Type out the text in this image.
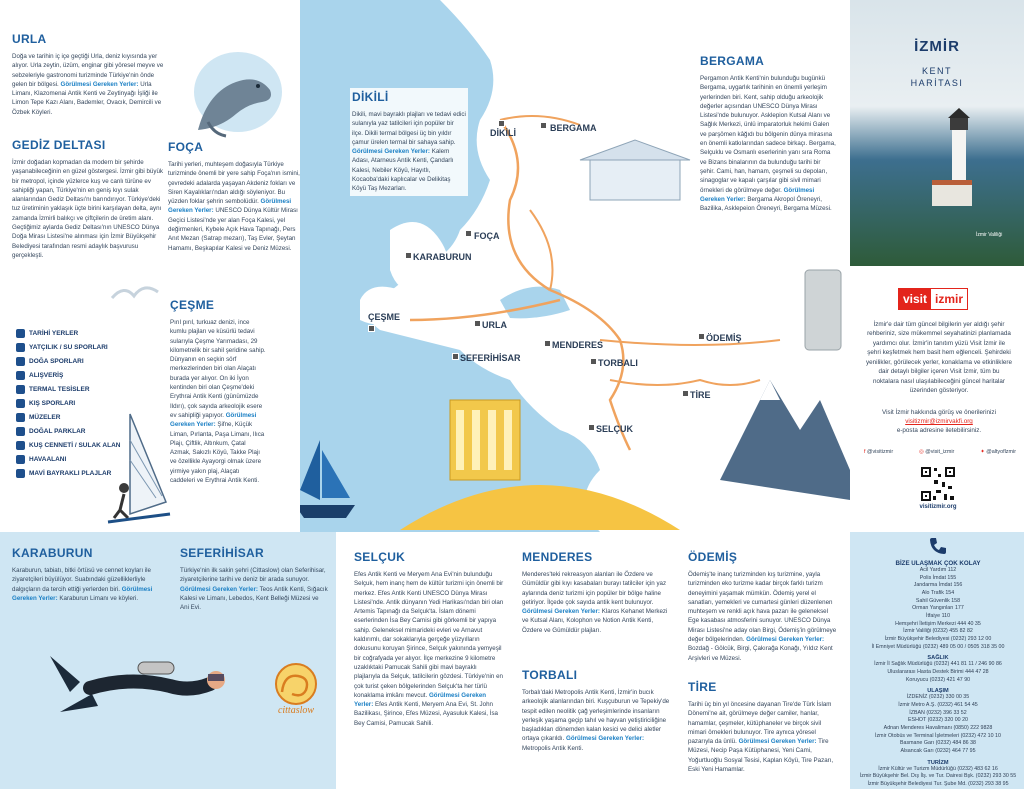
URLA

Doğa ve tarihin iç içe geçtiği Urla, deniz kıyısında yer alıyor. Urla zeytin, üzüm, enginar gibi yöresel meyve ve sebzeleriyle gastronomi turizminde Türkiye'nin önde gelen bir bölgesi. Görülmesi Gereken Yerler: Urla Limanı, Klazomenai Antik Kenti ve Zeytinyağı İşliği ile Limon Tepe Kazı Alanı, Bademler, Ovacık, Demircili ve Özbek Köyleri.

GEDİZ DELTASI

İzmir doğadan kopmadan da modern bir şehirde yaşanabileceğinin en güzel göstergesi. İzmir gibi büyük bir metropol, içinde yüzlerce kuş ve canlı türüne ev sahipliği yapan, Türkiye'nin en geniş kıyı sulak alanlarından Gediz Deltası'nı barındırıyor. Türkiye'deki tuz üretiminin yaklaşık üçte birini karşılayan delta, aynı zamanda İzmirli balıkçı ve çiftçilerin de üretim alanı. Geçtiğimiz aylarda Gediz Deltası'nın UNESCO Dünya Doğa Mirası Listesi'ne alınması için İzmir Büyükşehir Belediyesi tarafından resmi adaylık başvurusu gerçekleşti.

FOÇA

Tarihi yerleri, muhteşem doğasıyla Türkiye turizminde önemli bir yere sahip Foça'nın ismini, çevredeki adalarda yaşayan Akdeniz fokları ve Siren Kayalıkları'ndan aldığı söyleniyor. Bu yüzden foklar şehrin sembolüdür. Görülmesi Gereken Yerler: UNESCO Dünya Kültür Mirası Geçici Listesi'nde yer alan Foça Kalesi, yel değirmenleri, Kybele Açık Hava Tapınağı, Pers Anıt Mezarı (Satrap mezarı), Taş Evler, Şeytan Hamamı, Beşkapılar Kalesi ve Deniz Müzesi.

ÇEŞME

Pırıl pırıl, turkuaz denizi, ince kumlu plajları ve küsürlü tedavi sularıyla Çeşme Yarımadası, 29 kilometrelik bir sahil şeridine sahip. Dünyanın en seçkin sörf merkezlerinden biri olan Alaçatı burada yer alıyor. On iki İyon kentinden biri olan Çeşme'deki Erythrai Antik Kenti (günümüzde Ildırı), çok sayıda arkeolojik esere ev sahipliği yapıyor. Görülmesi Gereken Yerler: Şifne, Küçük Liman, Pırlanta, Paşa Limanı, Ilıca Plajı, Çiftlik, Altınkum, Çatal Azmak, Sakızlı Köyü, Takke Plajı ve özellikle Ayayorgi olmak üzere yirmiye yakın plaj, Alaçatı caddeleri ve Erythrai Antik Kenti.

TARİHİ YERLER
YATÇILIK / SU SPORLARI
DOĞA SPORLARI
ALIŞVERİŞ
TERMAL TESİSLER
KIŞ SPORLARI
MÜZELER
DOĞAL PARKLAR
KUŞ CENNETİ / SULAK ALAN
HAVAALANI
MAVİ BAYRAKLI PLAJLAR
DİKİLİ	BERGAMA
FOÇA
KARABURUN
ÇEŞME
URLA
SEFERİHİSAR
MENDERES
TORBALI
ÖDEMİŞ
TİRE
SELÇUK
DİKİLİ

Dikili, mavi bayraklı plajları ve tedavi edici sulanıyla yaz tatilcileri için popüler bir ilçe. Dikili termal bölgesi üç bin yıldır çamur ürelen termal bir sahaya sahip. Görülmesi Gereken Yerler: Kalem Adası, Atarneus Antik Kenti, Çandarlı Kalesi, Nebiler Köyü, Hayıtlı, Kocaoba'daki kaplıcalar ve Delikitaş Köyü Taş Mezarları.

BERGAMA

Pergamon Antik Kenti'nin bulunduğu bugünkü Bergama, uygarlık tarihinin en önemli yerleşim yerlerinden biri. Kent, sahip olduğu arkeolojik değerler açısından UNESCO Dünya Mirası Listesi'nde bulunuyor. Asklepion Kutsal Alanı ve Sağlık Merkezi, ünlü imparatorluk hekimi Galen ve parşömen kâğıdı bu bölgenin dünya mirasına en önemli katkılarından sadece birkaçı. Bergama, Selçuklu ve Osmanlı eserlerinin yanı sıra Roma ve Bizans binalarının da bulunduğu tarihi bir şehir. Cami, han, hamam, çeşmeli su depoları, sinagoglar ve kapalı çarşılar gibi sivil mimari örnekleri de görülmeye değer. Görülmesi Gereken Yerler: Bergama Akropol Öreneyri, Bazilika, Asklepeion Öreneyri, Bergama Müzesi.

İZMİR
KENT
HARİTASI
İzmir Valiliği
visit izmir

İzmir'e dair tüm güncel bilgilerin yer aldığı şehir rehberiniz, size mükemmel seyahatinizi planlamada yardımcı olur. İzmir'in tanıtım yüzü Visit İzmir ile şehri keşfetmek hem basit hem eğlenceli. Şehirdeki yenilikler, görülecek yerler, konaklama ve etkinliklere dair detaylı bilgiler içeren Visit İzmir, tüm bu noktalara nasıl ulaşılabileceğini güncel haritalar üzerinden gösteriyor.

Visit İzmir hakkında görüş ve önerilerinizi

visitizmir@izmirvakfi.org

e-posta adresine iletebilirsiniz.

f @visitizmir	◎ @visit_izmir	✦ @altyoflzmir
visitizmir.org
KARABURUN

Karaburun, tabiatı, bitki örtüsü ve cennet koyları ile ziyaretçileri büyülüyor. Suabındaki güzelliklerliyle dalgıçların da tercih ettiği yerlerden biri. Görülmesi Gereken Yerler: Karaburun Limanı ve köyleri.

SEFERİHİSAR

Türkiye'nin ilk sakin şehri (Cittaslow) olan Seferihisar, ziyaretçilerine tarihi ve deniz bir arada sunuyor. Görülmesi Gereken Yerler: Teos Antik Kenti, Sığacık Kalesi ve Limanı, Lebedos, Kent Belleği Müzesi ve Ani Evi.

cittaslow
SELÇUK

Efes Antik Kenti ve Meryem Ana Evi'nin bulunduğu Selçuk, hem inanç hem de kültür turizmi için önemli bir merkez. Efes Antik Kenti UNESCO Dünya Mirası Listesi'nde. Antik dünyanın Yedi Harikası'ndan biri olan Artemis Tapınağı da Selçuk'ta. İslam dönemi eserlerinden İsa Bey Camisi gibi görkemli bir yapıya sahip. Geleneksel mimarideki evleri ve Arnavut kaldırımlı, dar sokaklarıyla gerçeğe yüzyılların dokusunu koruyan Şirince, Selçuk yakınında yemyeşil bir coğrafyada yer alıyor. İlçe merkezine 9 kilometre uzaklıktaki Pamucak Sahili gibi mavi bayraklı plajlarıyla da Selçuk, tatilcilerin gözdesi. Türkiye'nin en çok turist çeken bölgelerinden Selçuk'ta her türlü konaklama imkânı mevcut. Görülmesi Gereken Yerler: Efes Antik Kenti, Meryem Ana Evi, St. John Bazilikası, Şirince, Efes Müzesi, Ayasuluk Kalesi, İsa Bey Camisi, Pamucak Sahili.

MENDERES

Menderes'teki rekreasyon alanları ile Özdere ve Gümüldür gibi kıyı kasabaları burayı tatilciler için yaz aylarında deniz turizmi için popüler bir bölge haline getiriyor. İlçede çok sayıda antik kent bulunuyor. Görülmesi Gereken Yerler: Klaros Kehanet Merkezi ve Kutsal Alanı, Kolophon ve Notion Antik Kenti, Özdere ve Gümüldür plajları.

TORBALI

Torbalı'daki Metropolis Antik Kenti, İzmir'in bucık arkeolojik alanlarından biri. Kuşçuburun ve Tepekiy'de tespit edilen neolitik çağ yerleşimlerinde insanların yerleşik yaşama geçip tahıl ve hayvan yetiştiriciliğine başladıkları dönemden kalan kesici ve delici aletler ortaya çıkarıldı. Görülmesi Gereken Yerler: Metropolis Antik Kenti.

ÖDEMİŞ

Ödemiş'te inanç turizminden kış turizmine, yayla turizminden eko turizme kadar birçok farklı turizm deneyimini yaşamak mümkün. Ödemiş yerel el sanatları, yemekleri ve cumartesi günleri düzenlenen muhteşem ve renkli açık hava pazarı ile geleneksel Ege kasabası atmosferini sunuyor. UNESCO Dünya Mirası Listesi'ne aday olan Birgi, Ödemiş'in görülmeye değer bölgelerinden. Görülmesi Gereken Yerler: Bozdağ - Gölcük, Birgi, Çakırağa Konağı, Yıldız Kent Arşivleri ve Müzesi.

TİRE

Tarihi üç bin yıl öncesine dayanan Tire'de Türk İslam Dönemi'ne ait, görülmeye değer camiler, hanlar, hamamlar, çeşmeler, kütüphaneler ve birçok sivil mimari örnekleri bulunuyor. Tire aynıca yöresel pazarıyla da ünlü. Görülmesi Gereken Yerler: Tire Müzesi, Necip Paşa Kütüphanesi, Yeni Cami, Yoğurtluoğlu Sosyal Tesisi, Kaplan Köyü, Tire Pazarı, Eski Yeni Hamamlar.

BİZE ULAŞMAK ÇOK KOLAY
Acil Yardım 112
Polis İmdat 155
Jandarma İmdat 156
Alo Trafik 154
Sahil Güvenlik 158
Orman Yangınları 177
İtfaiye 110
Hemşehri İletişim Merkezi 444 40 35
İzmir Valiliği (0232) 455 82 82
İzmir Büyükşehir Belediyesi (0232) 293 12 00
İl Emniyet Müdürlüğü (0232) 489 05 00 / 0505 318 35 00
SAĞLIK
İzmir İl Sağlık Müdürlüğü (0232) 441 81 11 / 246 90 86
Uluslararası Hasta Destek Birimi 444 47 28
Koruyucu (0232) 421 47 90
ULAŞIM
İZDENİZ (0232) 330 00 35
İzmir Metro A.Ş. (0232) 461 54 45
İZBAN (0232) 396 33 52
ESHOT (0232) 320 00 20
Adnan Menderes Havalimanı (0850) 222 9828
İzmir Otobüs ve Terminal İşletmeleri (0232) 472 10 10
Basmane Garı (0232) 484 86 38
Alsancak Garı (0232) 464 77 95
TURİZM
İzmir Kültür ve Turizm Müdürlüğü (0232) 483 62 16
İzmir Büyükşehir Bel. Dış İlş. ve Tur. Dairesi Bşk. (0232) 293 30 55
İzmir Büyükşehir Belediyesi Tur. Şube Md. (0232) 293 38 95
